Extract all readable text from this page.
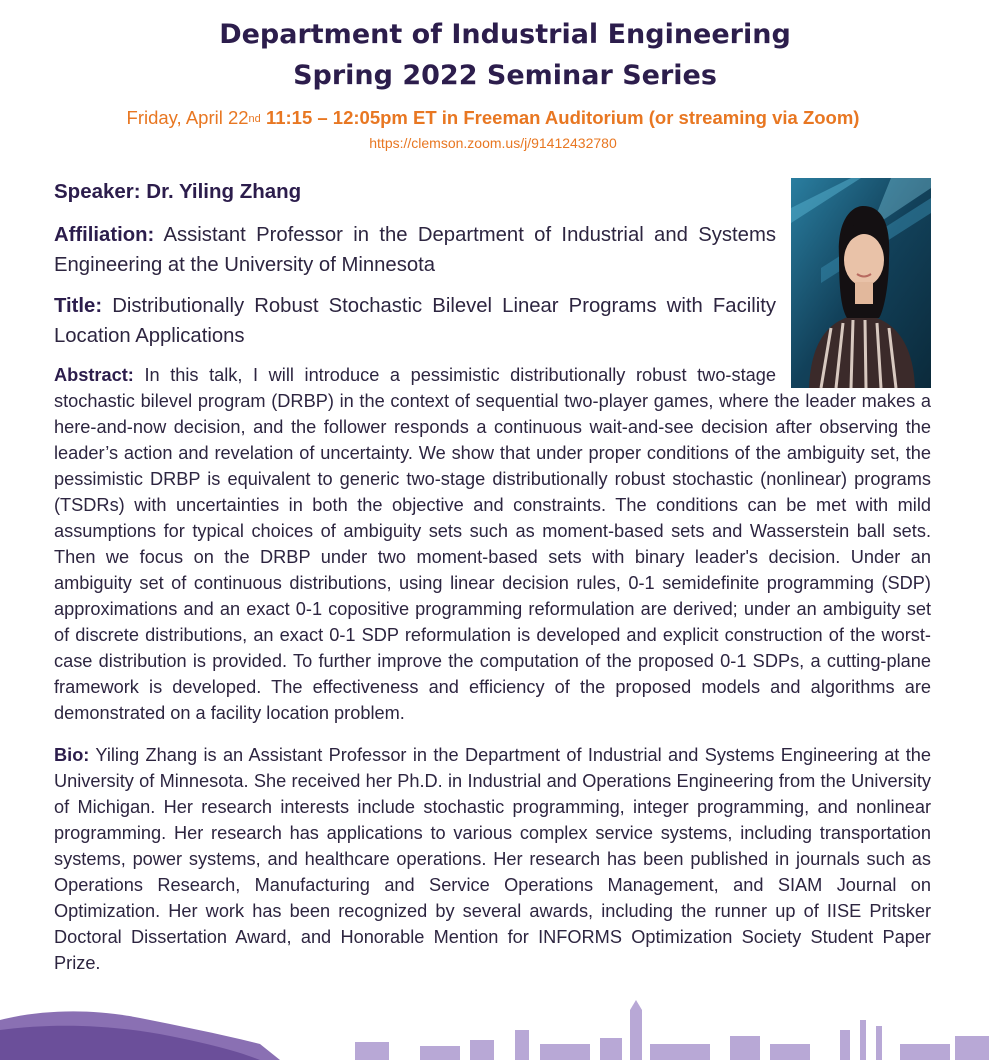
Department of Industrial Engineering

Spring 2022 Seminar Series

Friday, April 22nd 11:15 – 12:05pm ET in Freeman Auditorium (or streaming via Zoom)
https://clemson.zoom.us/j/91412432780

Speaker: Dr. Yiling Zhang

Affiliation: Assistant Professor in the Department of Industrial and Systems Engineering at the University of Minnesota

Title: Distributionally Robust Stochastic Bilevel Linear Programs with Facility Location Applications

Abstract: In this talk, I will introduce a pessimistic distributionally robust two-stage
stochastic bilevel program (DRBP) in the context of sequential two-player games, where the leader makes a here-and-now decision, and the follower responds a continuous wait-and-see decision after observing the leader’s action and revelation of uncertainty. We show that under proper conditions of the ambiguity set, the pessimistic DRBP is equivalent to generic two-stage distributionally robust stochastic (nonlinear) programs (TSDRs) with uncertainties in both the objective and constraints. The conditions can be met with mild assumptions for typical choices of ambiguity sets such as moment-based sets and Wasserstein ball sets. Then we focus on the DRBP under two moment-based sets with binary leader's decision. Under an ambiguity set of continuous distributions, using linear decision rules, 0-1 semidefinite programming (SDP) approximations and an exact 0-1 copositive programming reformulation are derived; under an ambiguity set of discrete distributions, an exact 0-1 SDP reformulation is developed and explicit construction of the worst-case distribution is provided. To further improve the computation of the proposed 0-1 SDPs, a cutting-plane framework is developed. The effectiveness and efficiency of the proposed models and algorithms are demonstrated on a facility location problem.

Bio: Yiling Zhang is an Assistant Professor in the Department of Industrial and Systems Engineering at the University of Minnesota. She received her Ph.D. in Industrial and Operations Engineering from the University of Michigan. Her research interests include stochastic programming, integer programming, and nonlinear programming. Her research has applications to various complex service systems, including transportation systems, power systems, and healthcare operations. Her research has been published in journals such as Operations Research, Manufacturing and Service Operations Management, and SIAM Journal on Optimization. Her work has been recognized by several awards, including the runner up of IISE Pritsker Doctoral Dissertation Award, and Honorable Mention for INFORMS Optimization Society Student Paper Prize.
